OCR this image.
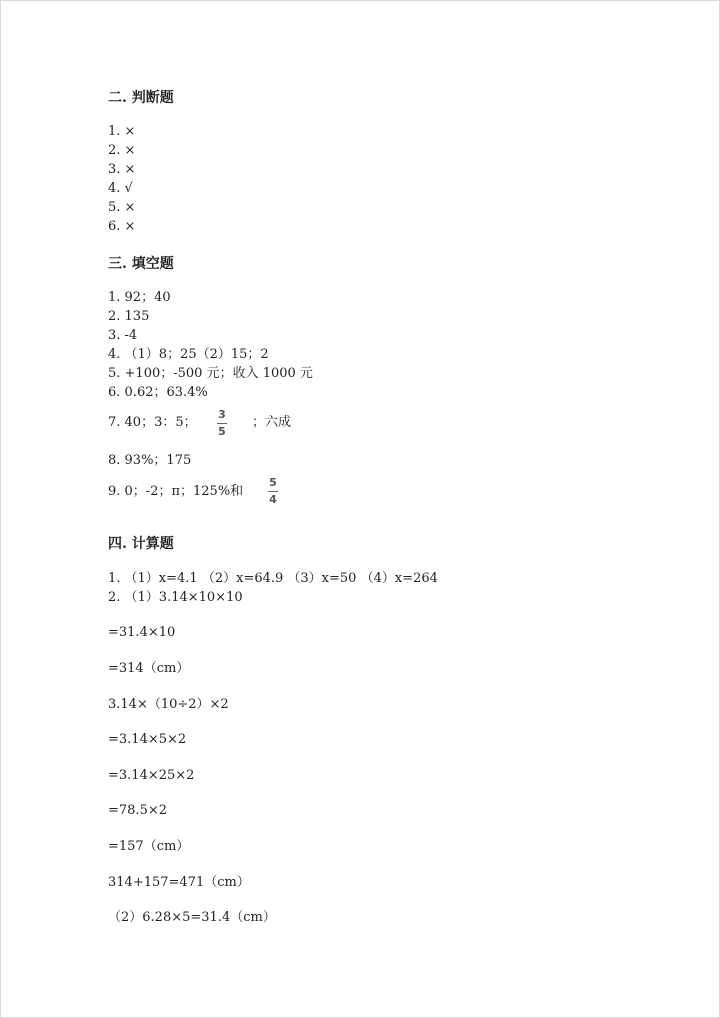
二. 判断题
1. ×
2. ×
3. ×
4. √
5. ×
6. ×
三. 填空题
1. 92；40
2. 135
3. -4
4. （1）8；25（2）15；2
5. +100；-500 元；收入 1000 元
6. 0.62；63.4%
7. 40；3：5；
3
5
；六成
8. 93%；175
9. 0；-2；π；125%和
5
4
四. 计算题
1. （1）x=4.1 （2）x=64.9 （3）x=50 （4）x=264
2. （1）3.14×10×10
=31.4×10
=314（cm）
3.14×（10÷2）×2
=3.14×5×2
=3.14×25×2
=78.5×2
=157（cm）
314+157=471（cm）
（2）6.28×5=31.4（cm）
